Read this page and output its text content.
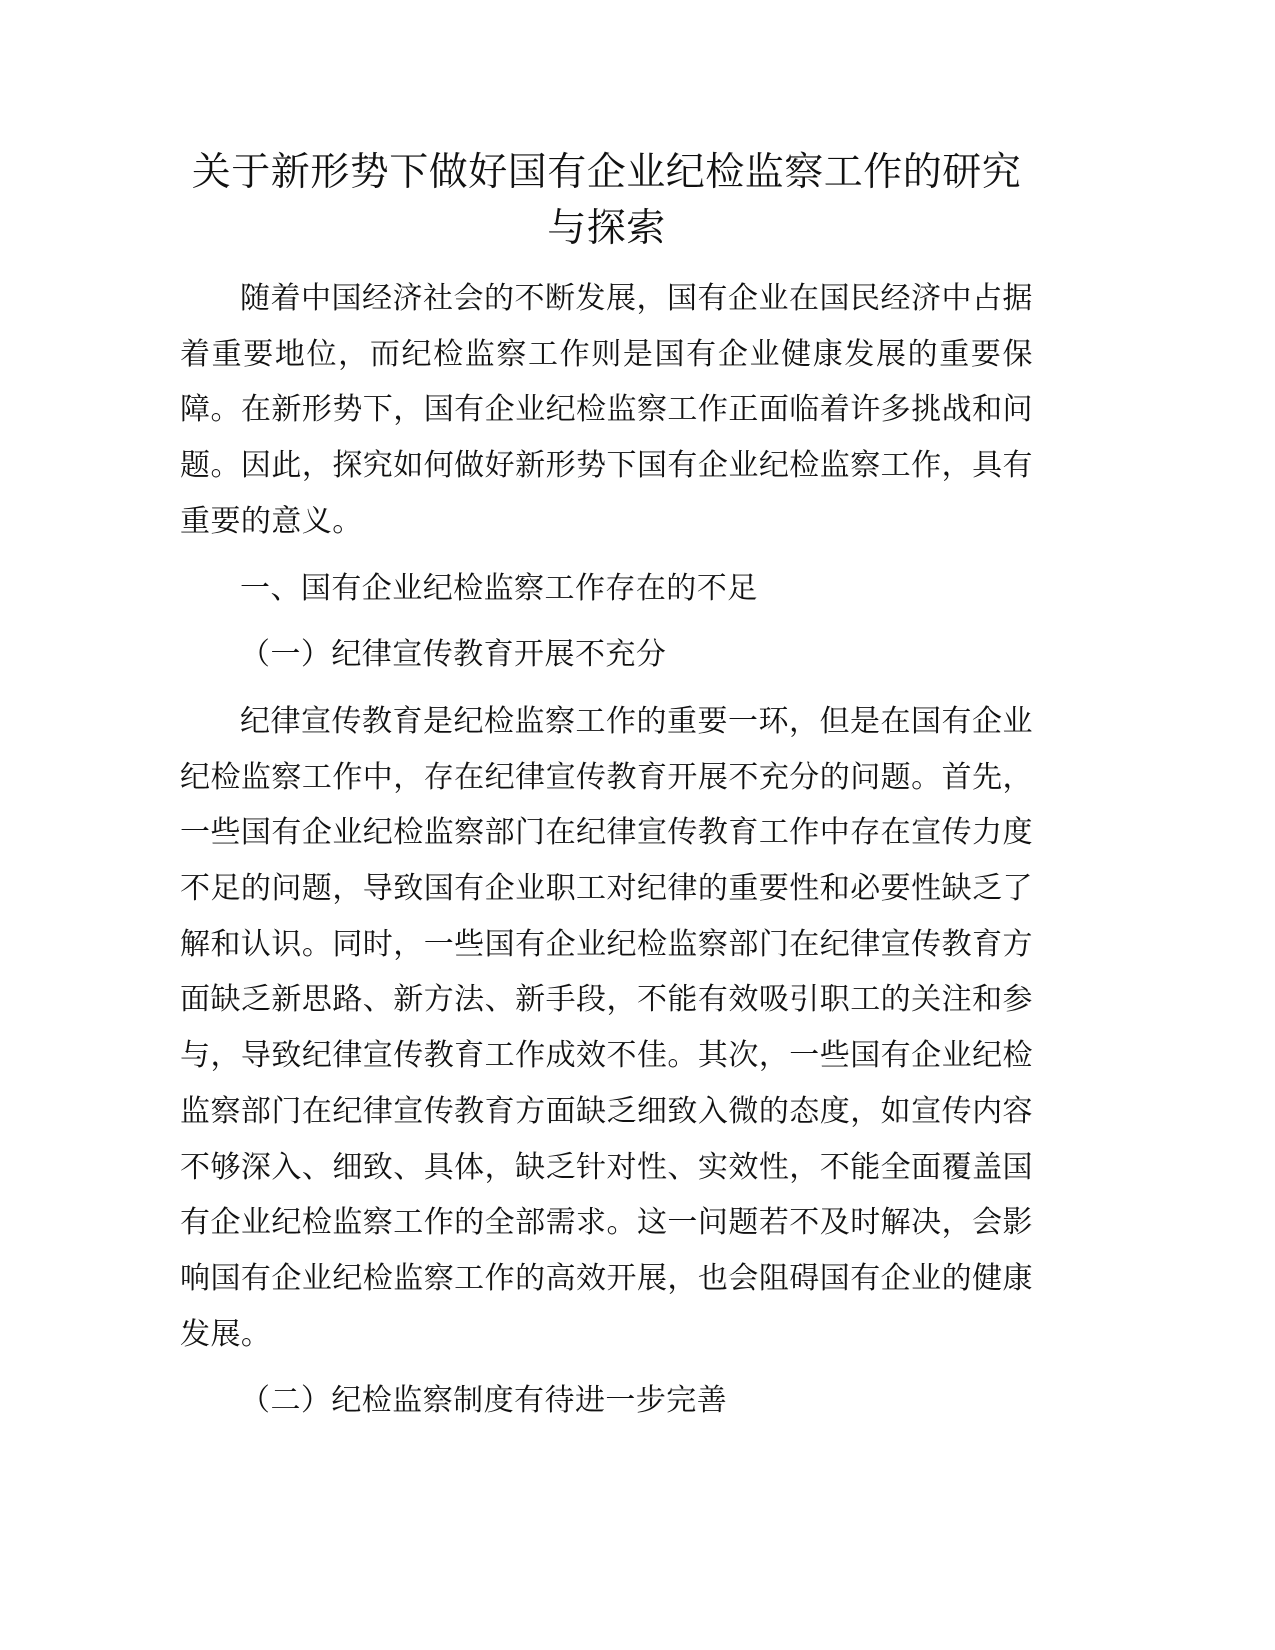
关于新形势下做好国有企业纪检监察工作的研究与探索

随着中国经济社会的不断发展，国有企业在国民经济中占据着重要地位，而纪检监察工作则是国有企业健康发展的重要保障。在新形势下，国有企业纪检监察工作正面临着许多挑战和问题。因此，探究如何做好新形势下国有企业纪检监察工作，具有重要的意义。

一、国有企业纪检监察工作存在的不足

（一）纪律宣传教育开展不充分

纪律宣传教育是纪检监察工作的重要一环，但是在国有企业纪检监察工作中，存在纪律宣传教育开展不充分的问题。首先，一些国有企业纪检监察部门在纪律宣传教育工作中存在宣传力度不足的问题，导致国有企业职工对纪律的重要性和必要性缺乏了解和认识。同时，一些国有企业纪检监察部门在纪律宣传教育方面缺乏新思路、新方法、新手段，不能有效吸引职工的关注和参与，导致纪律宣传教育工作成效不佳。其次，一些国有企业纪检监察部门在纪律宣传教育方面缺乏细致入微的态度，如宣传内容不够深入、细致、具体，缺乏针对性、实效性，不能全面覆盖国有企业纪检监察工作的全部需求。这一问题若不及时解决，会影响国有企业纪检监察工作的高效开展，也会阻碍国有企业的健康发展。

（二）纪检监察制度有待进一步完善
